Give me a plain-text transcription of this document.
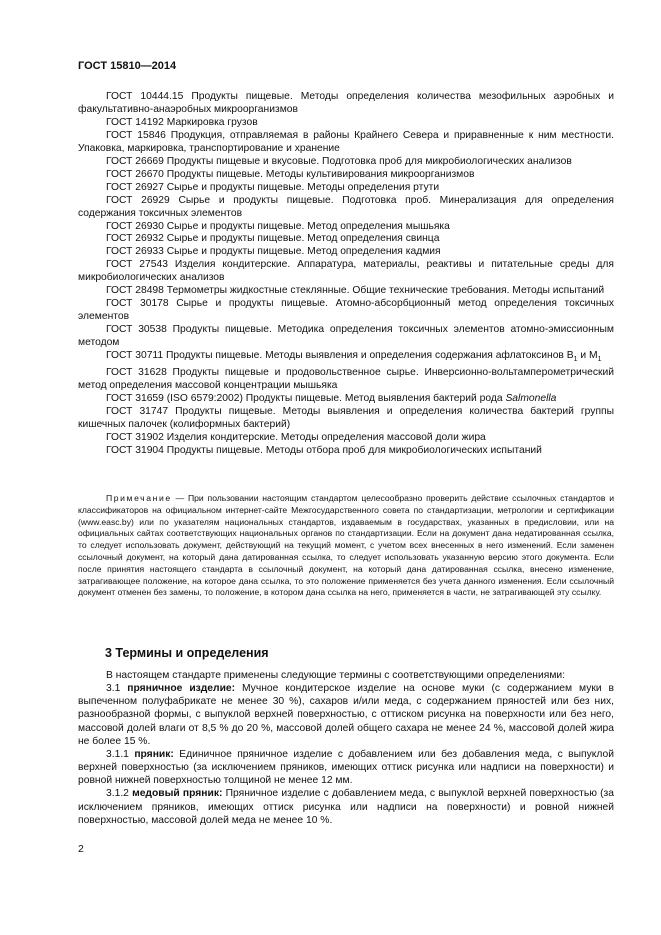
ГОСТ 15810—2014

ГОСТ 10444.15 Продукты пищевые. Методы определения количества мезофильных аэробных и факультативно-анаэробных микроорганизмов

ГОСТ 14192 Маркировка грузов

ГОСТ 15846 Продукция, отправляемая в районы Крайнего Севера и приравненные к ним местности. Упаковка, маркировка, транспортирование и хранение

ГОСТ 26669 Продукты пищевые и вкусовые. Подготовка проб для микробиологических анализов

ГОСТ 26670 Продукты пищевые. Методы культивирования микроорганизмов

ГОСТ 26927 Сырье и продукты пищевые. Методы определения ртути

ГОСТ 26929 Сырье и продукты пищевые. Подготовка проб. Минерализация для определения содержания токсичных элементов

ГОСТ 26930 Сырье и продукты пищевые. Метод определения мышьяка

ГОСТ 26932 Сырье и продукты пищевые. Метод определения свинца

ГОСТ 26933 Сырье и продукты пищевые. Метод определения кадмия

ГОСТ 27543 Изделия кондитерские. Аппаратура, материалы, реактивы и питательные среды для микробиологических анализов

ГОСТ 28498 Термометры жидкостные стеклянные. Общие технические требования. Методы испытаний

ГОСТ 30178 Сырье и продукты пищевые. Атомно-абсорбционный метод определения токсичных элементов

ГОСТ 30538 Продукты пищевые. Методика определения токсичных элементов атомно-эмиссионным методом

ГОСТ 30711 Продукты пищевые. Методы выявления и определения содержания афлатоксинов $В_1$ и $М_1$

ГОСТ 31628 Продукты пищевые и продовольственное сырье. Инверсионно-вольтамперометрический метод определения массовой концентрации мышьяка

ГОСТ 31659 (ISO 6579:2002) Продукты пищевые. Метод выявления бактерий рода Salmonella

ГОСТ 31747 Продукты пищевые. Методы выявления и определения количества бактерий группы кишечных палочек (колиформных бактерий)

ГОСТ 31902 Изделия кондитерские. Методы определения массовой доли жира

ГОСТ 31904 Продукты пищевые. Методы отбора проб для микробиологических испытаний

Примечание — При пользовании настоящим стандартом целесообразно проверить действие ссылочных стандартов и классификаторов на официальном интернет-сайте Межгосударственного совета по стандартизации, метрологии и сертификации (www.easc.by) или по указателям национальных стандартов, издаваемым в государствах, указанных в предисловии, или на официальных сайтах соответствующих национальных органов по стандартизации. Если на документ дана недатированная ссылка, то следует использовать документ, действующий на текущий момент, с учетом всех внесенных в него изменений. Если заменен ссылочный документ, на который дана датированная ссылка, то следует использовать указанную версию этого документа. Если после принятия настоящего стандарта в ссылочный документ, на который дана датированная ссылка, внесено изменение, затрагивающее положение, на которое дана ссылка, то это положение применяется без учета данного изменения. Если ссылочный документ отменен без замены, то положение, в котором дана ссылка на него, применяется в части, не затрагивающей эту ссылку.

3 Термины и определения

В настоящем стандарте применены следующие термины с соответствующими определениями:

3.1 пряничное изделие: Мучное кондитерское изделие на основе муки (с содержанием муки в выпеченном полуфабрикате не менее 30 %), сахаров и/или меда, с содержанием пряностей или без них, разнообразной формы, с выпуклой верхней поверхностью, с оттиском рисунка на поверхности или без него, массовой долей влаги от 8,5 % до 20 %, массовой долей общего сахара не менее 24 %, массовой долей жира не более 15 %.

3.1.1 пряник: Единичное пряничное изделие с добавлением или без добавления меда, с выпуклой верхней поверхностью (за исключением пряников, имеющих оттиск рисунка или надписи на поверхности) и ровной нижней поверхностью толщиной не менее 12 мм.

3.1.2 медовый пряник: Пряничное изделие с добавлением меда, с выпуклой верхней поверхностью (за исключением пряников, имеющих оттиск рисунка или надписи на поверхности) и ровной нижней поверхностью, массовой долей меда не менее 10 %.

2
